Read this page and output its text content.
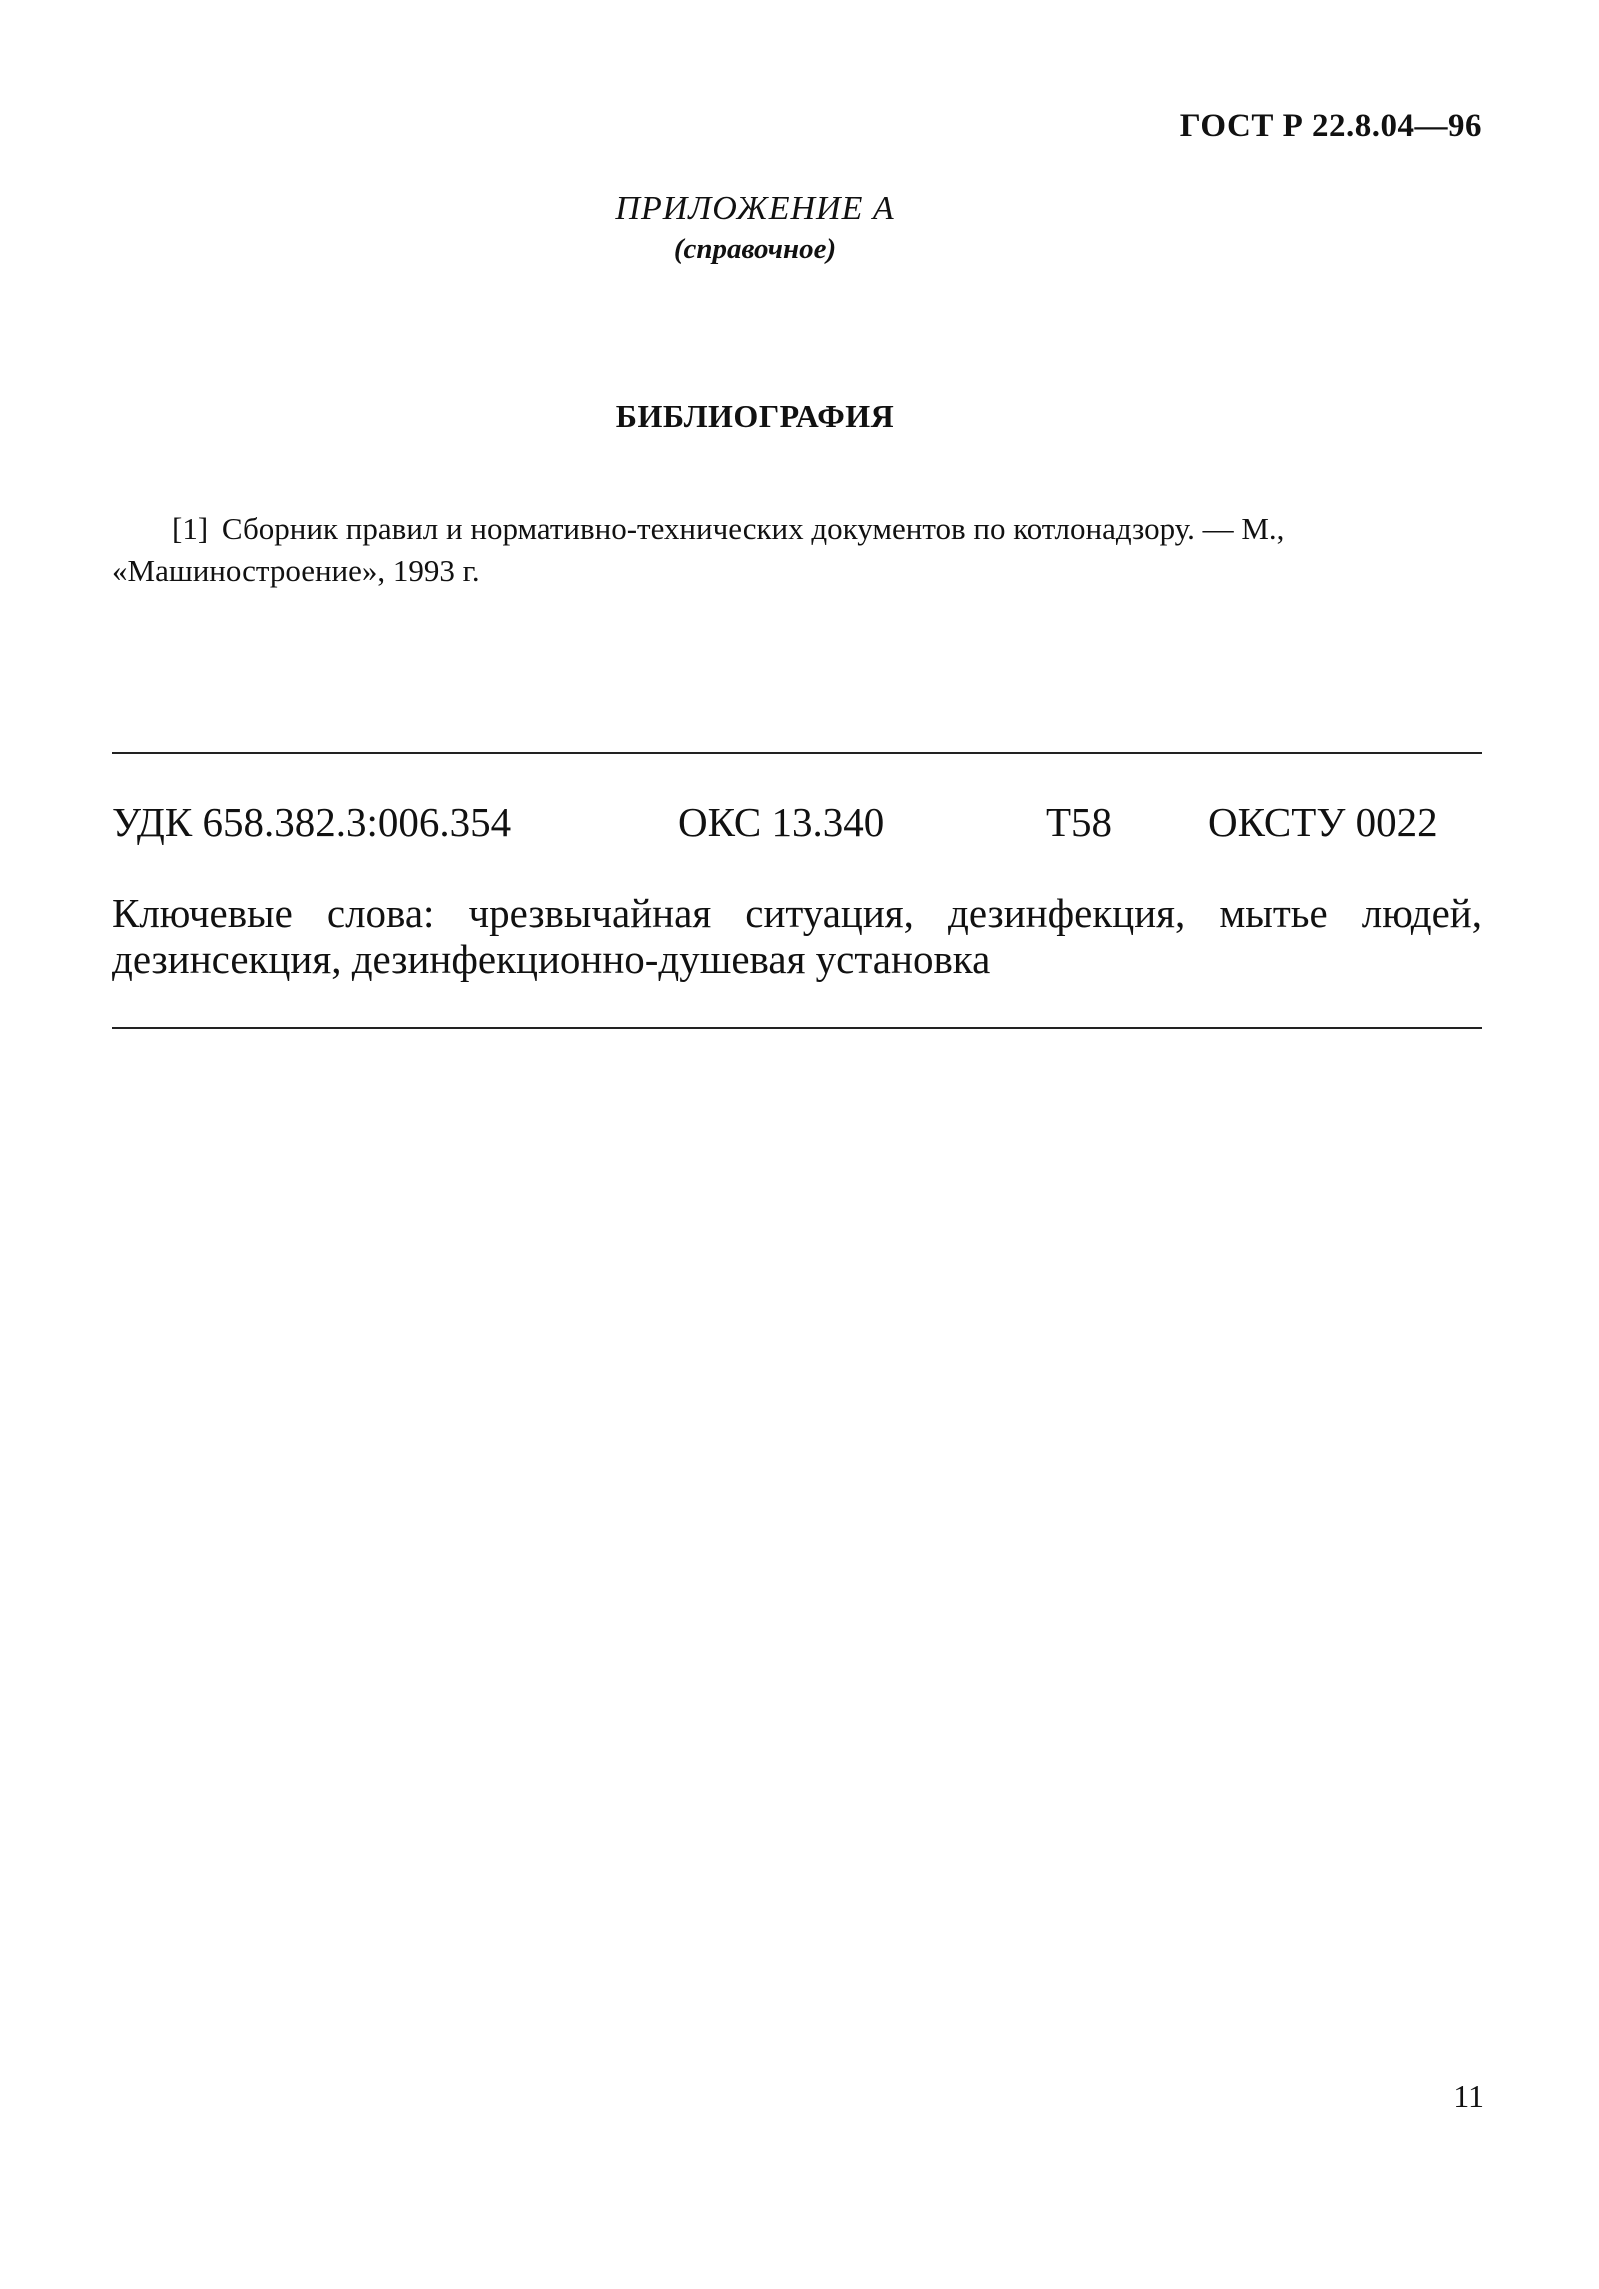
ГОСТ Р 22.8.04—96
ПРИЛОЖЕНИЕ А
(справочное)
БИБЛИОГРАФИЯ
[1] Сборник правил и нормативно-технических документов по котлонадзору. — М., «Машиностроение», 1993 г.
УДК 658.382.3:006.354	ОКС 13.340	Т58 ОКСТУ 0022
Ключевые слова: чрезвычайная ситуация, дезинфекция, мытье людей, дезинсекция, дезинфекционно-душевая установка
11
